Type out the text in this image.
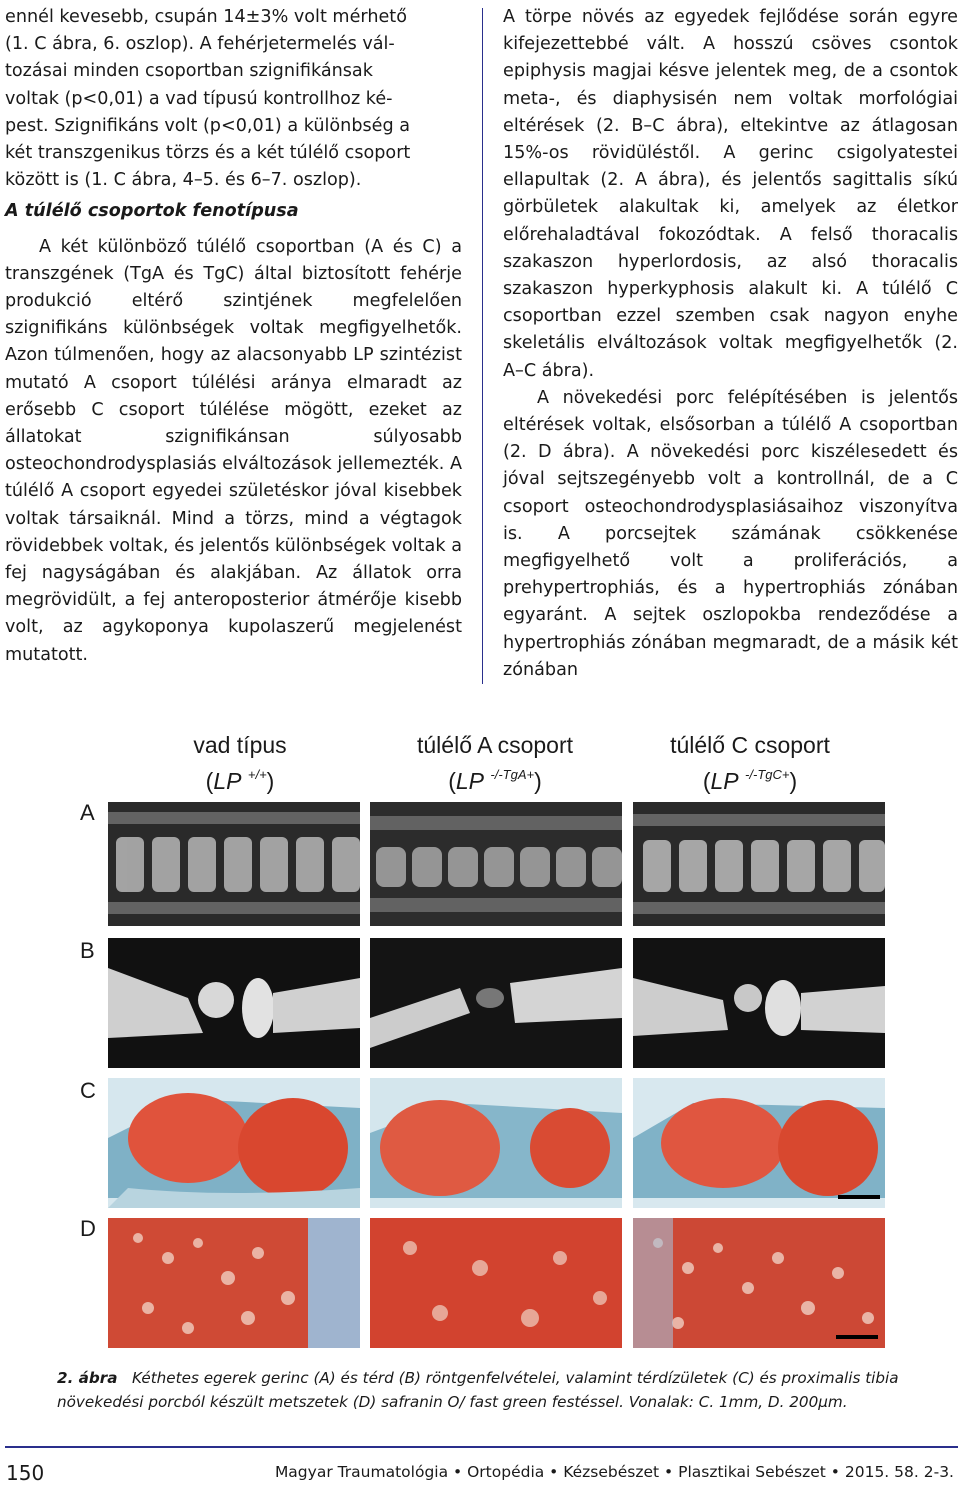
ennél kevesebb, csupán 14±3% volt mérhető
(1. C ábra, 6. oszlop). A fehérjetermelés vál-
tozásai minden csoportban szignifikánsak
voltak (p<0,01) a vad típusú kontrollhoz ké-
pest. Szignifikáns volt (p<0,01) a különbség a
két transzgenikus törzs és a két túlélő csoport
között is (1. C ábra, 4–5. és 6–7. oszlop).

A túlélő csoportok fenotípusa

A két különböző túlélő csoportban (A és C) a transzgének (TgA és TgC) által biztosított fehérje produkció eltérő szintjének megfelelően szignifikáns különbségek voltak megfigyelhetők. Azon túlmenően, hogy az alacsonyabb LP szintézist mutató A csoport túlélési aránya elmaradt az erősebb C csoport túlélése mögött, ezeket az állatokat szignifikánsan súlyosabb osteochondrodysplasiás elváltozások jellemezték. A túlélő A csoport egyedei születéskor jóval kisebbek voltak társaiknál. Mind a törzs, mind a végtagok rövidebbek voltak, és jelentős különbségek voltak a fej nagyságában és alakjában. Az állatok orra megrövidült, a fej anteroposterior átmérője kisebb volt, az agykoponya kupolaszerű megjelenést mutatott.

A törpe növés az egyedek fejlődése során egyre kifejezettebbé vált. A hosszú csöves csontok epiphysis magjai késve jelentek meg, de a csontok meta-, és diaphysisén nem voltak morfológiai eltérések (2. B–C ábra), eltekintve az átlagosan 15%-os rövidüléstől. A gerinc csigolyatestei ellapultak (2. A ábra), és jelentős sagittalis síkú görbületek alakultak ki, amelyek az életkor előrehaladtával fokozódtak. A felső thoracalis szakaszon hyperlordosis, az alsó thoracalis szakaszon hyperkyphosis alakult ki. A túlélő C csoportban ezzel szemben csak nagyon enyhe skeletális elváltozások voltak megfigyelhetők (2. A–C ábra).

A növekedési porc felépítésében is jelentős eltérések voltak, elsősorban a túlélő A csoportban (2. D ábra). A növekedési porc kiszélesedett és jóval sejtszegényebb volt a kontrollnál, de a C csoport osteochondrodysplasiásaihoz viszonyítva is. A porcsejtek számának csökkenése megfigyelhető volt a proliferációs, a prehypertrophiás, és a hypertrophiás zónában egyaránt. A sejtek oszlopokba rendeződése a hypertrophiás zónában megmaradt, de a másik két zónában

vad típus
(LP +/+)
túlélő A csoport
(LP $^{-/-TgA+}$)
túlélő C csoport
(LP $^{-/-TgC+}$)
A
B
C
D
2. ábra Kéthetes egerek gerinc (A) és térd (B) röntgenfelvételei, valamint térdízületek (C) és proximalis tibia növekedési porcból készült metszetek (D) safranin O/ fast green festéssel. Vonalak: C. 1mm, D. 200µm.
150	Magyar Traumatológia • Ortopédia • Kézsebészet • Plasztikai Sebészet • 2015. 58. 2-3.
